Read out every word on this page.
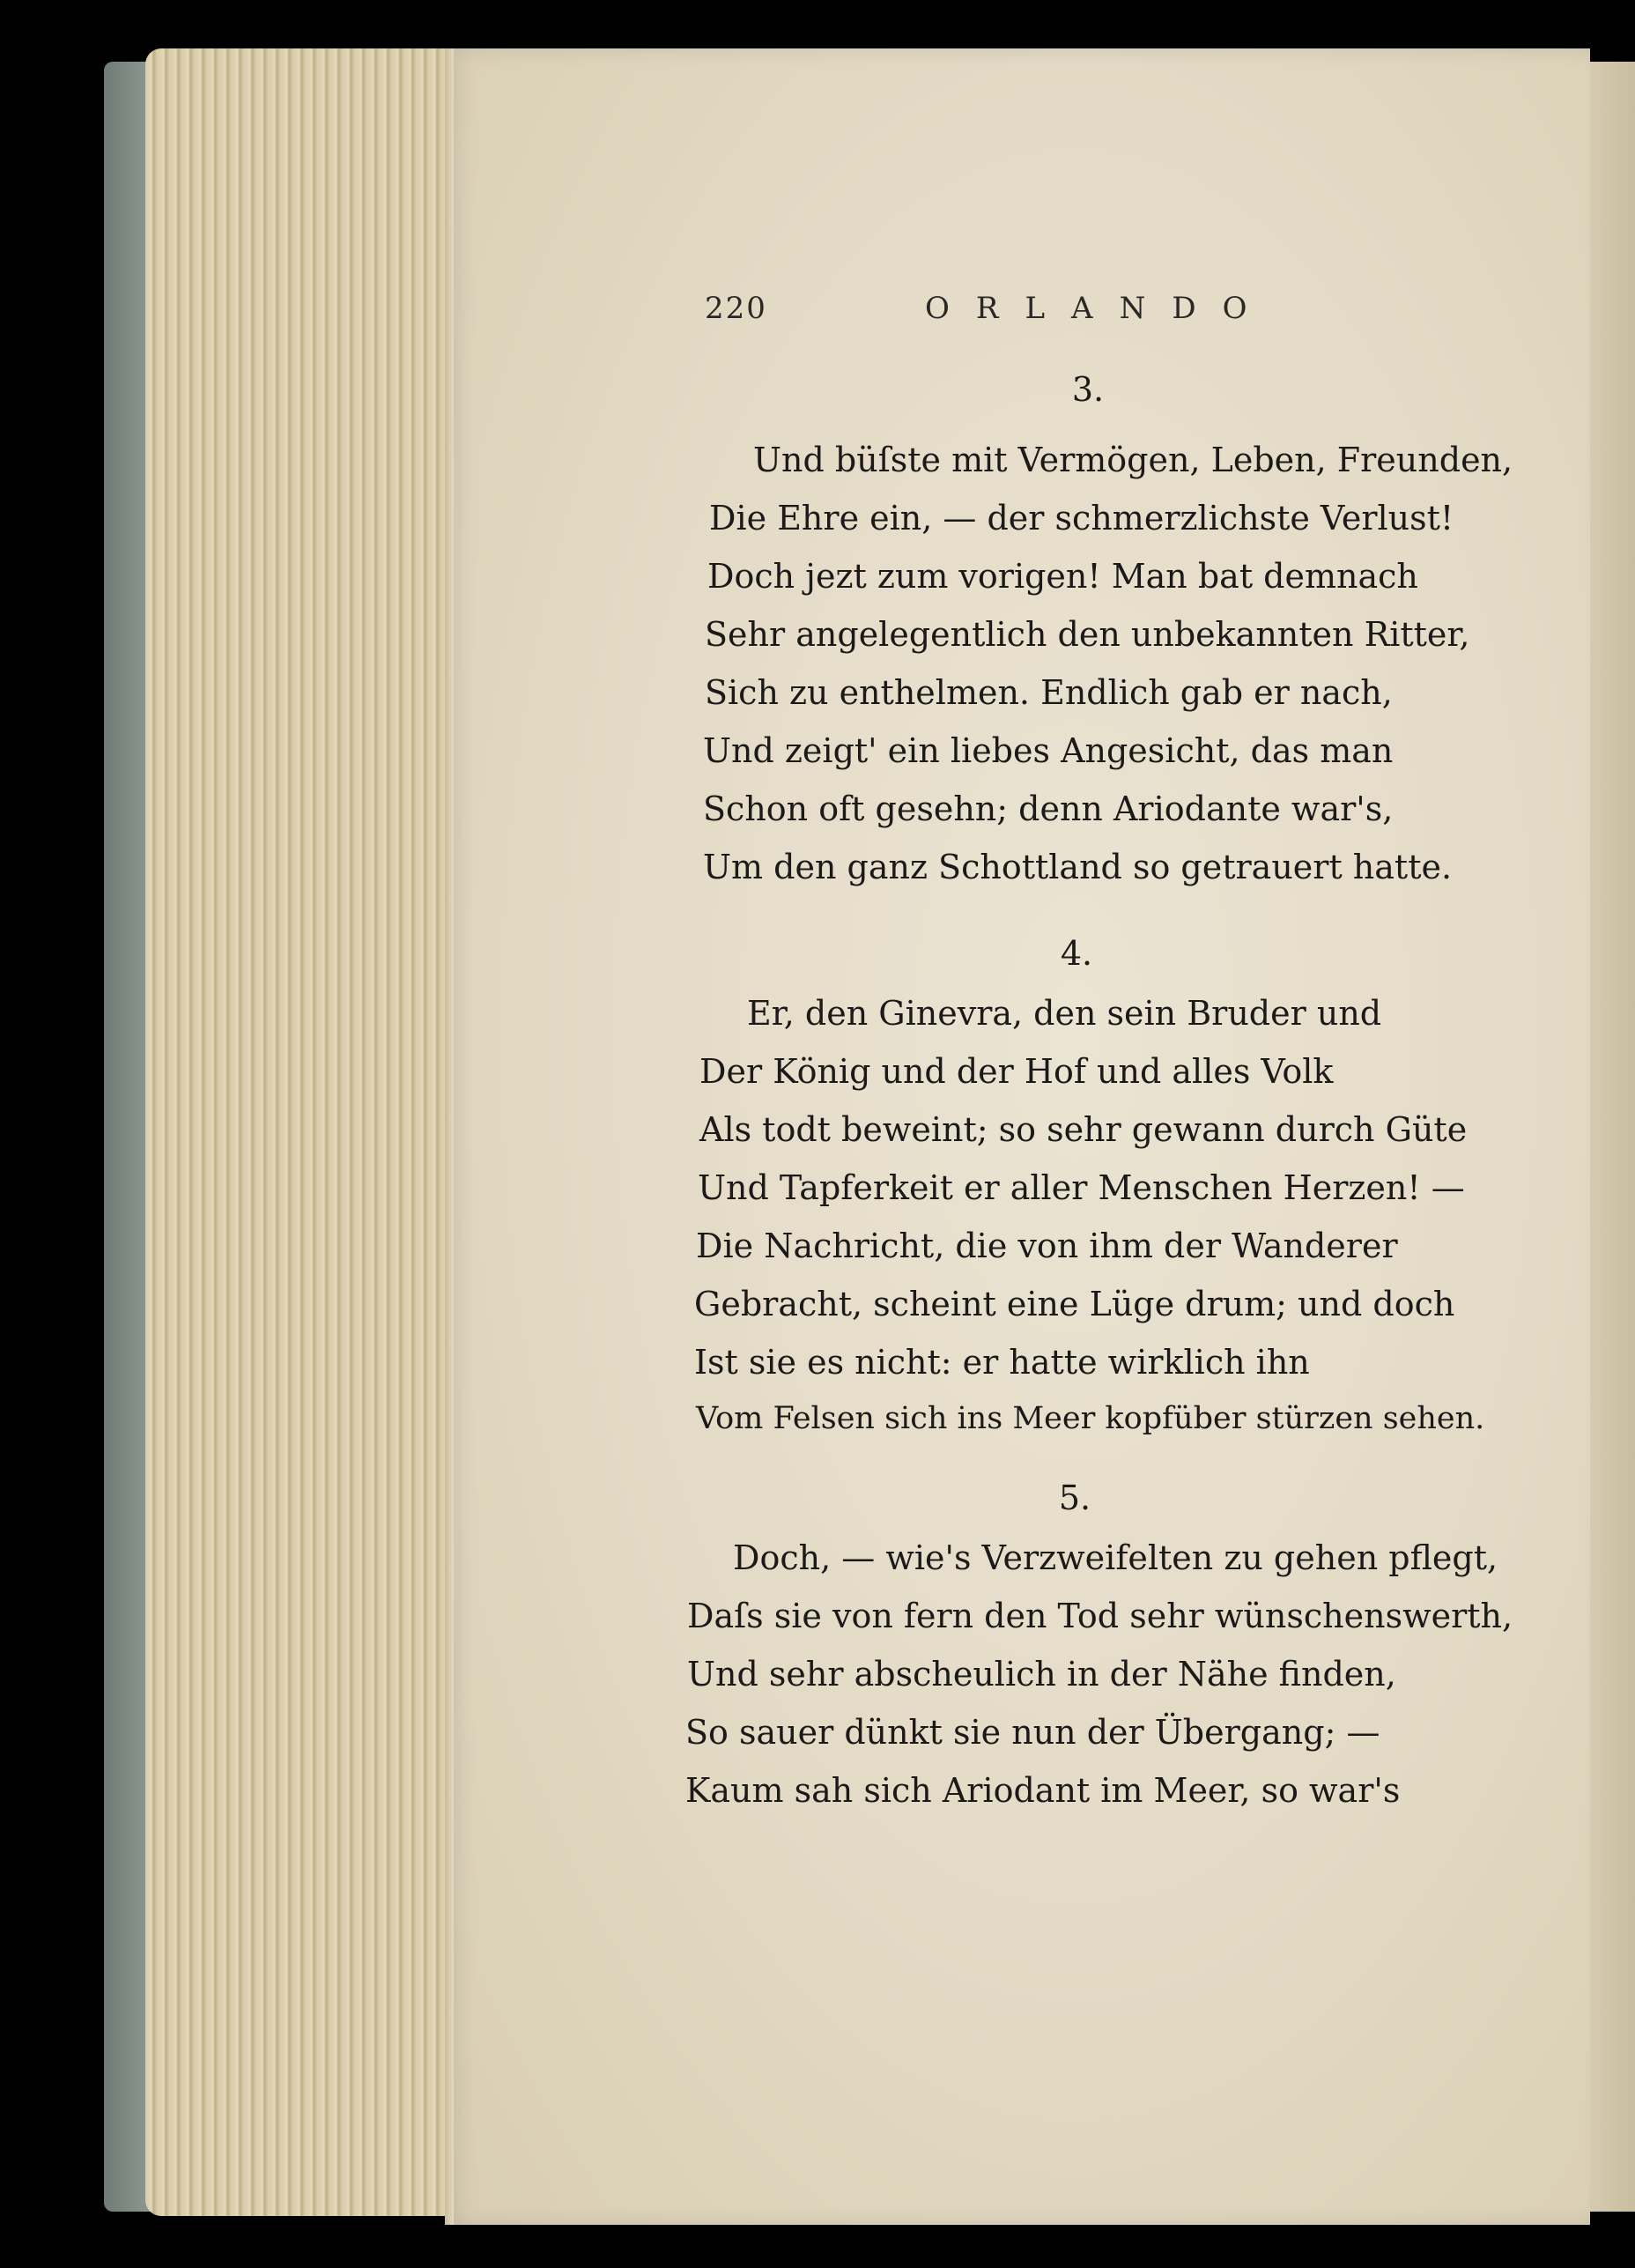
220	ORLANDO
3.
Und büſste mit Vermögen, Leben, Freunden,
Die Ehre ein, — der schmerzlichste Verlust!
Doch jezt zum vorigen! Man bat demnach
Sehr angelegentlich den unbekannten Ritter,
Sich zu enthelmen. Endlich gab er nach,
Und zeigt' ein liebes Angesicht, das man
Schon oft gesehn; denn Ariodante war's,
Um den ganz Schottland so getrauert hatte.
4.
Er, den Ginevra, den sein Bruder und
Der König und der Hof und alles Volk
Als todt beweint; so sehr gewann durch Güte
Und Tapferkeit er aller Menschen Herzen! —
Die Nachricht, die von ihm der Wanderer
Gebracht, scheint eine Lüge drum; und doch
Ist sie es nicht: er hatte wirklich ihn
Vom Felsen sich ins Meer kopfüber stürzen sehen.
5.
Doch, — wie's Verzweifelten zu gehen pflegt,
Daſs sie von fern den Tod sehr wünschenswerth,
Und sehr abscheulich in der Nähe finden,
So sauer dünkt sie nun der Übergang; —
Kaum sah sich Ariodant im Meer, so war's
